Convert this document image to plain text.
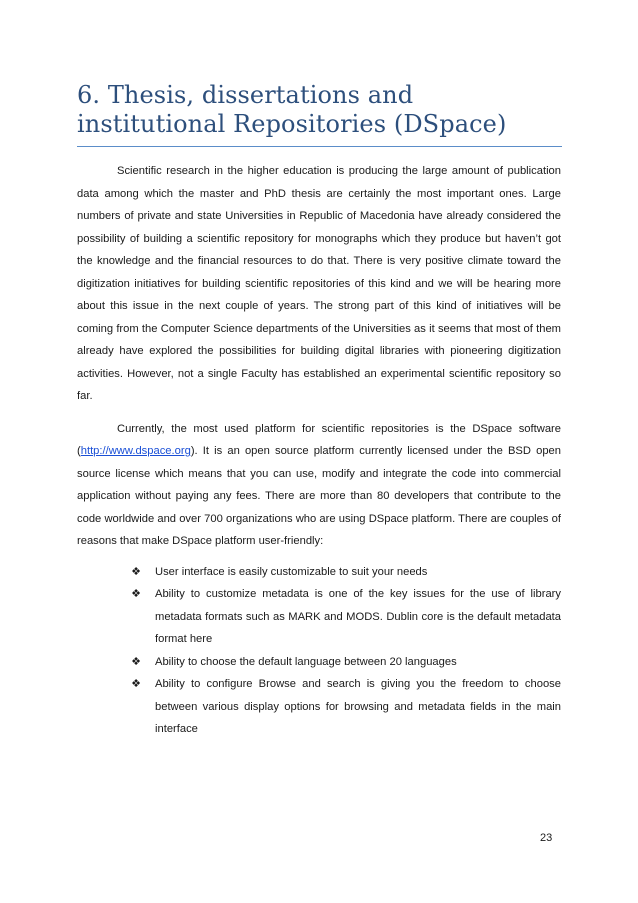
6. Thesis, dissertations and
institutional Repositories (DSpace)

Scientific research in the higher education is producing the large amount of publication data among which the master and PhD thesis are certainly the most important ones. Large numbers of private and state Universities in Republic of Macedonia have already considered the possibility of building a scientific repository for monographs which they produce but haven’t got the knowledge and the financial resources to do that. There is very positive climate toward the digitization initiatives for building scientific repositories of this kind and we will be hearing more about this issue in the next couple of years. The strong part of this kind of initiatives will be coming from the Computer Science departments of the Universities as it seems that most of them already have explored the possibilities for building digital libraries with pioneering digitization activities. However, not a single Faculty has established an experimental scientific repository so far.

Currently, the most used platform for scientific repositories is the DSpace software (http://www.dspace.org). It is an open source platform currently licensed under the BSD open source license which means that you can use, modify and integrate the code into commercial application without paying any fees. There are more than 80 developers that contribute to the code worldwide and over 700 organizations who are using DSpace platform. There are couples of reasons that make DSpace platform user-friendly:

❖ User interface is easily customizable to suit your needs
❖ Ability to customize metadata is one of the key issues for the use of library metadata formats such as MARK and MODS. Dublin core is the default metadata format here
❖ Ability to choose the default language between 20 languages
❖ Ability to configure Browse and search is giving you the freedom to choose between various display options for browsing and metadata fields in the main interface
23
